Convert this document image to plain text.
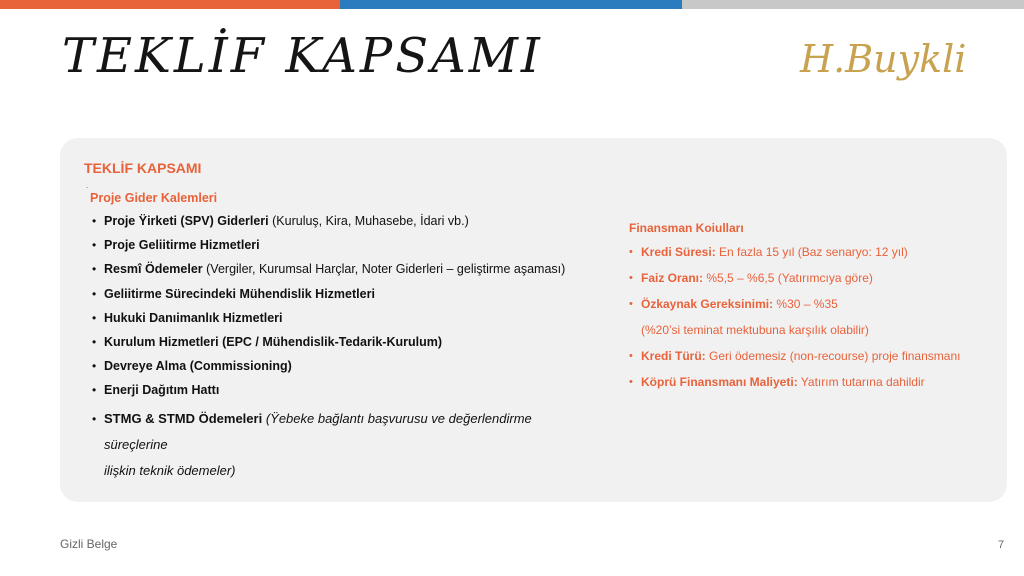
TEKLİF KAPSAMI	H.Buykli
TEKLİF KAPSAMI
.
Proje Gider Kalemleri
• Proje Ÿirketi (SPV) Giderleri (Kuruluş, Kira, Muhasebe, İdari vb.)
• Proje Geliitirme Hizmetleri
• Resmî Ödemeler (Vergiler, Kurumsal Harçlar, Noter Giderleri – geliştirme aşaması)
• Geliitirme Sürecindeki Mühendislik Hizmetleri
• Hukuki Danıimanlık Hizmetleri
• Kurulum Hizmetleri (EPC / Mühendislik-Tedarik-Kurulum)
• Devreye Alma (Commissioning)
• Enerji Dağıtım Hattı
• STMG & STMD Ödemeleri (Ÿebeke bağlantı başvurusu ve değerlendirme
süreçlerine
ilişkin teknik ödemeler)
Finansman Koiulları
• Kredi Süresi: En fazla 15 yıl (Baz senaryo: 12 yıl)
• Faiz Oranı: %5,5 – %6,5 (Yatırımcıya göre)
• Özkaynak Gereksinimi: %30 – %35
(%20’si teminat mektubuna karşılık olabilir)
• Kredi Türü: Geri ödemesiz (non-recourse) proje finansmanı
• Köprü Finansmanı Maliyeti: Yatırım tutarına dahildir
Gizli Belge	7
